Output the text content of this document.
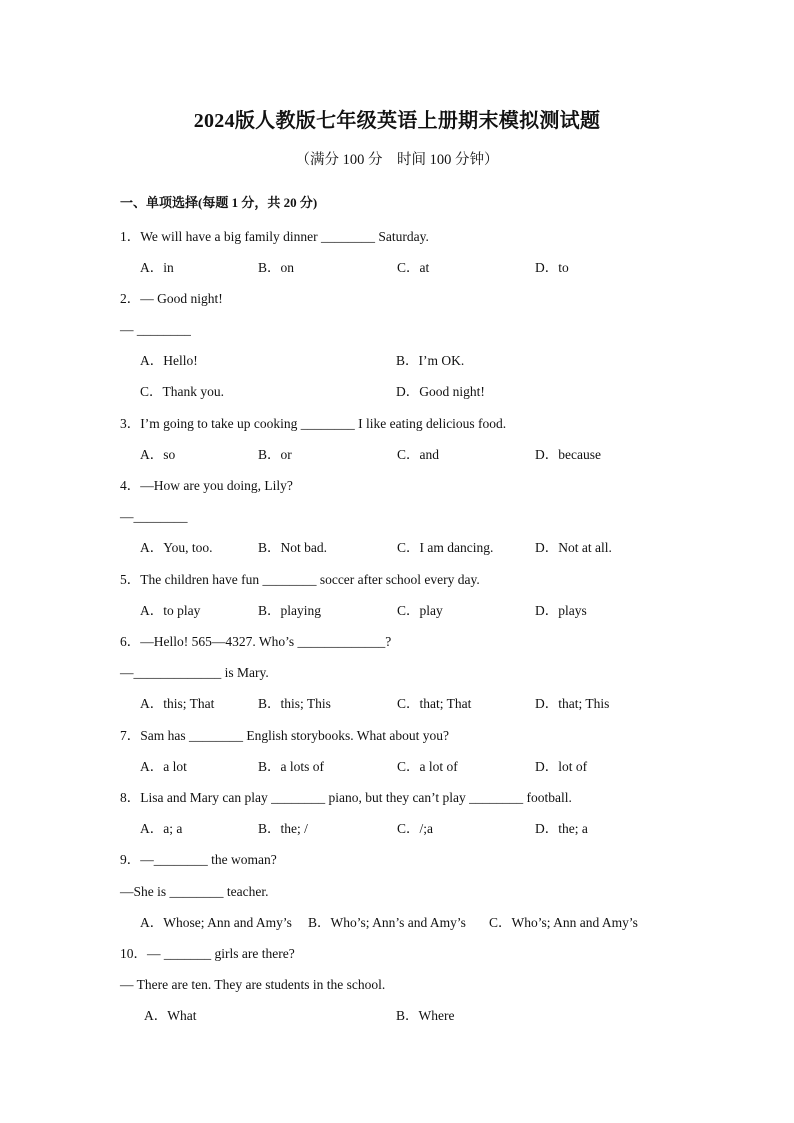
2024版人教版七年级英语上册期末模拟测试题
（满分 100 分　时间 100 分钟）
一、单项选择(每题 1 分，共 20 分)
1．We will have a big family dinner ________ Saturday.
A．in	B．on	C．at	D．to
2．— Good night!
— ________
A．Hello!	B．I’m OK.
C．Thank you.	D．Good night!
3．I’m going to take up cooking ________ I like eating delicious food.
A．so	B．or	C．and	D．because
4．—How are you doing, Lily?
—________
A．You, too.	B．Not bad.	C．I am dancing.	D．Not at all.
5．The children have fun ________ soccer after school every day.
A．to play	B．playing	C．play	D．plays
6．—Hello! 565—4327. Who’s _____________?
—_____________ is Mary.
A．this; That	B．this; This	C．that; That	D．that; This
7．Sam has ________ English storybooks. What about you?
A．a lot	B．a lots of	C．a lot of	D．lot of
8．Lisa and Mary can play ________ piano, but they can’t play ________ football.
A．a; a	B．the; /	C．/;a	D．the; a
9．—________ the woman?
—She is ________ teacher.
A．Whose; Ann and Amy’s B．Who’s; Ann’s and Amy’s C．Who’s; Ann and Amy’s
10．— _______ girls are there?
— There are ten. They are students in the school.
A．What	B．Where
